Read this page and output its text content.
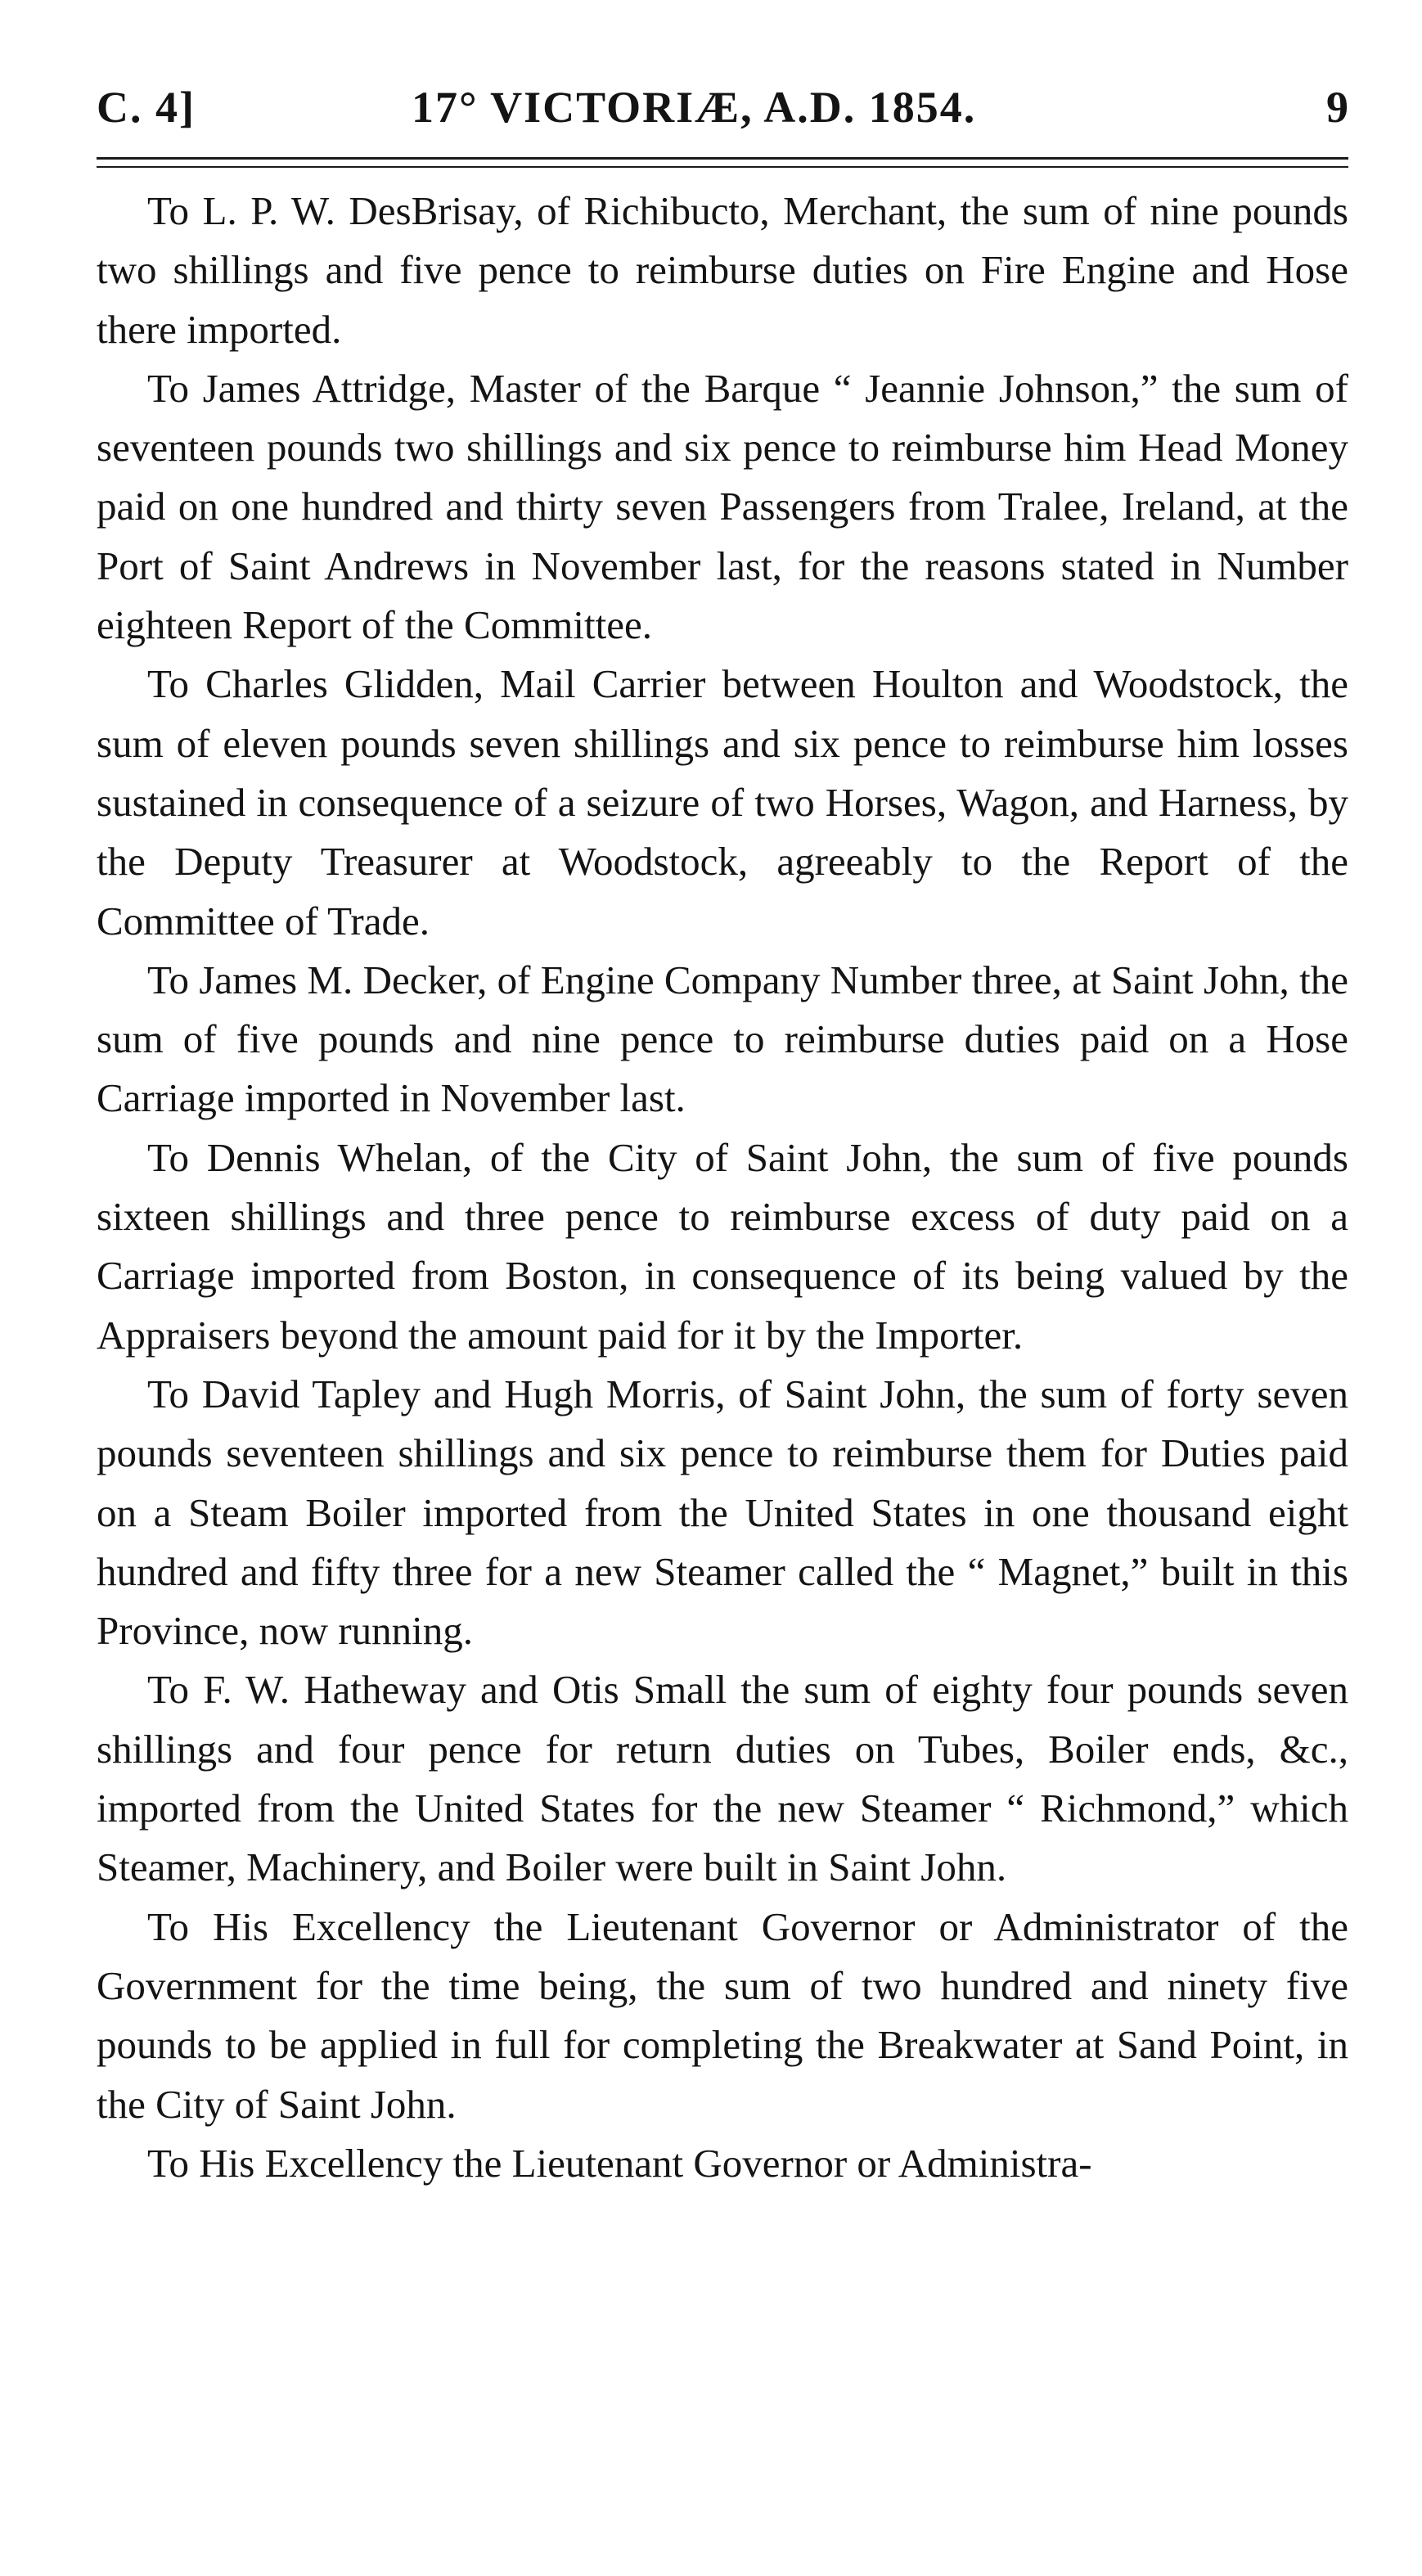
C. 4]	17° VICTORIÆ, A.D. 1854.	9

To L. P. W. DesBrisay, of Richibucto, Merchant, the sum of nine pounds two shillings and five pence to reimburse duties on Fire Engine and Hose there imported.

To James Attridge, Master of the Barque “ Jeannie Johnson,” the sum of seventeen pounds two shillings and six pence to reimburse him Head Money paid on one hundred and thirty seven Passengers from Tralee, Ireland, at the Port of Saint Andrews in November last, for the reasons stated in Number eighteen Report of the Committee.

To Charles Glidden, Mail Carrier between Houlton and Woodstock, the sum of eleven pounds seven shillings and six pence to reimburse him losses sustained in consequence of a seizure of two Horses, Wagon, and Harness, by the Deputy Treasurer at Woodstock, agreeably to the Report of the Committee of Trade.

To James M. Decker, of Engine Company Number three, at Saint John, the sum of five pounds and nine pence to reimburse duties paid on a Hose Carriage imported in November last.

To Dennis Whelan, of the City of Saint John, the sum of five pounds sixteen shillings and three pence to reimburse excess of duty paid on a Carriage imported from Boston, in consequence of its being valued by the Appraisers beyond the amount paid for it by the Importer.

To David Tapley and Hugh Morris, of Saint John, the sum of forty seven pounds seventeen shillings and six pence to reimburse them for Duties paid on a Steam Boiler imported from the United States in one thousand eight hundred and fifty three for a new Steamer called the “ Magnet,” built in this Province, now running.

To F. W. Hatheway and Otis Small the sum of eighty four pounds seven shillings and four pence for return duties on Tubes, Boiler ends, &c., imported from the United States for the new Steamer “ Richmond,” which Steamer, Machinery, and Boiler were built in Saint John.

To His Excellency the Lieutenant Governor or Administrator of the Government for the time being, the sum of two hundred and ninety five pounds to be applied in full for completing the Breakwater at Sand Point, in the City of Saint John.

To His Excellency the Lieutenant Governor or Administra-
